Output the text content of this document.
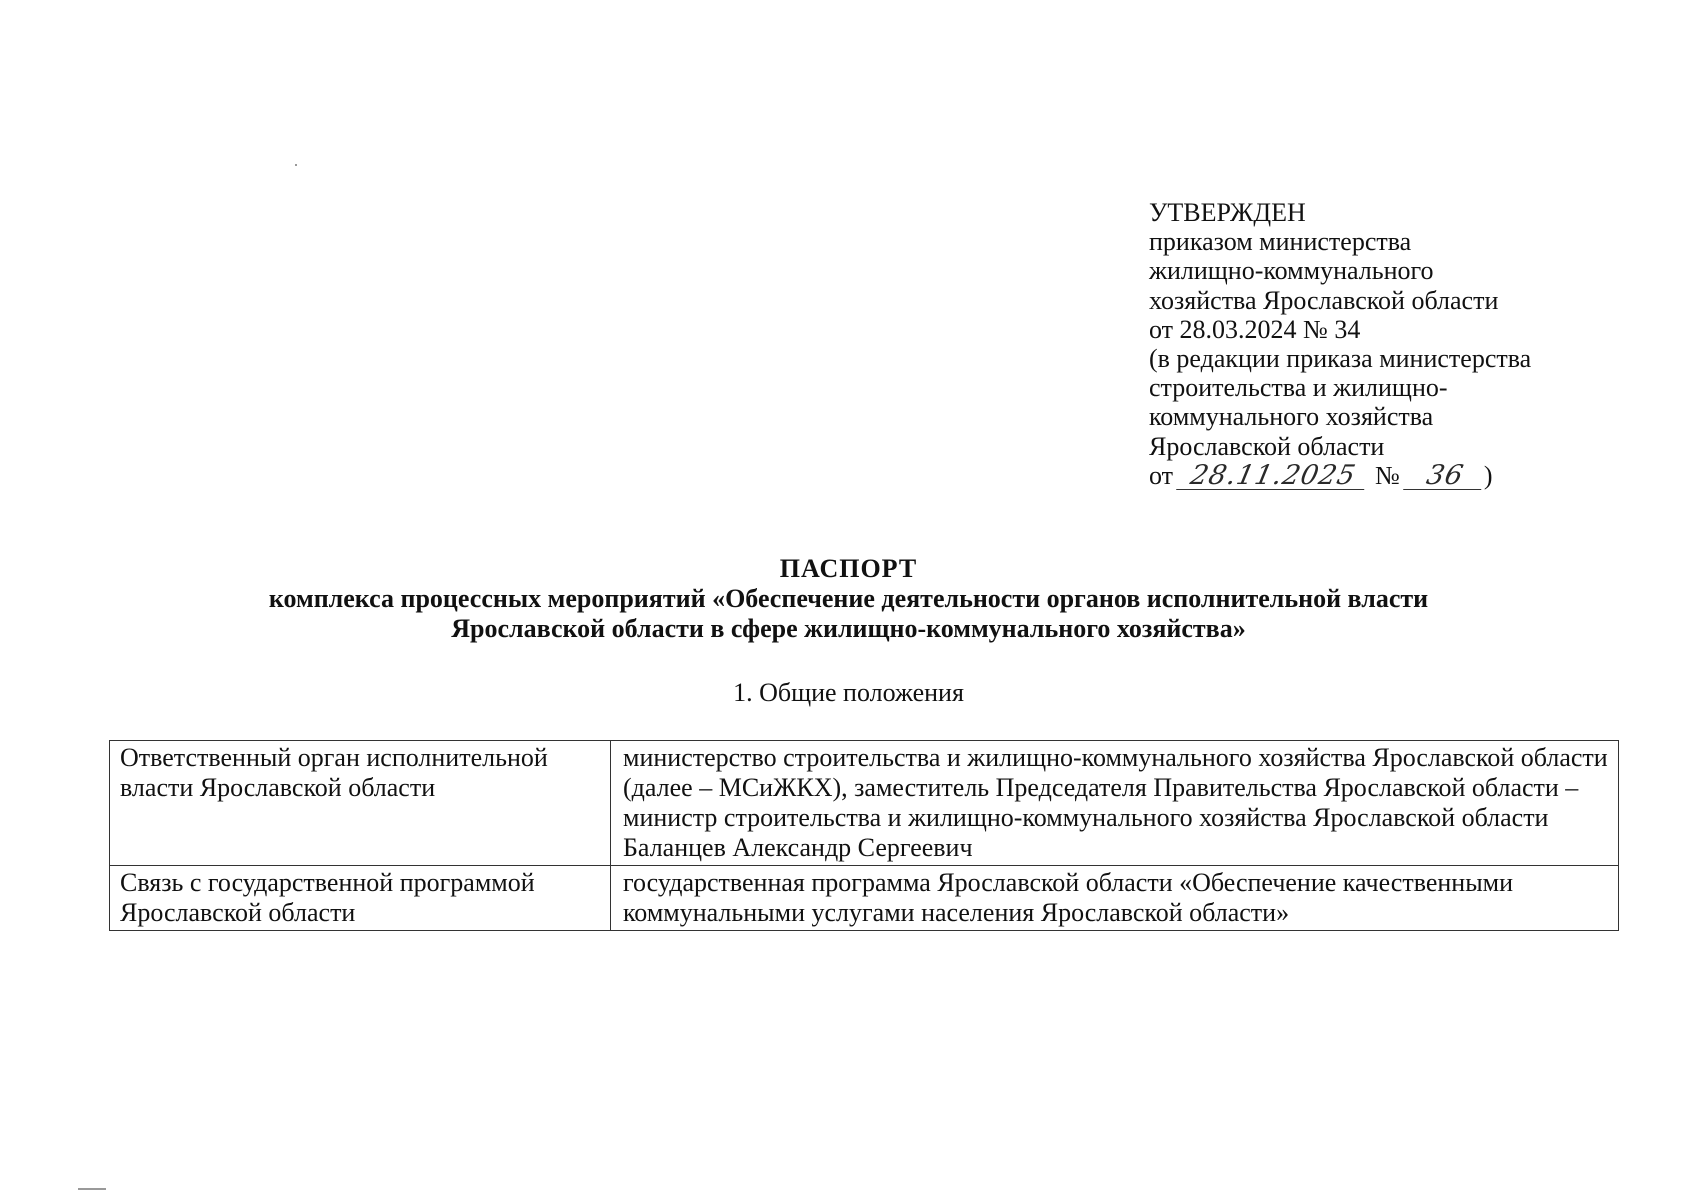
УТВЕРЖДЕН
приказом министерства
жилищно-коммунального
хозяйства Ярославской области
от 28.03.2024 № 34
(в редакции приказа министерства
строительства и жилищно-
коммунального хозяйства
Ярославской области
от 28.11.2025 № 36 )
ПАСПОРТ
комплекса процессных мероприятий «Обеспечение деятельности органов исполнительной власти
Ярославской области в сфере жилищно-коммунального хозяйства»
1. Общие положения
Ответственный орган исполнительной власти Ярославской области	министерство строительства и жилищно-коммунального хозяйства Ярославской области (далее – МСиЖКХ), заместитель Председателя Правительства Ярославской области – министр строительства и жилищно-коммунального хозяйства Ярославской области Баланцев Александр Сергеевич
Связь с государственной программой Ярославской области	государственная программа Ярославской области «Обеспечение качественными коммунальными услугами населения Ярославской области»
